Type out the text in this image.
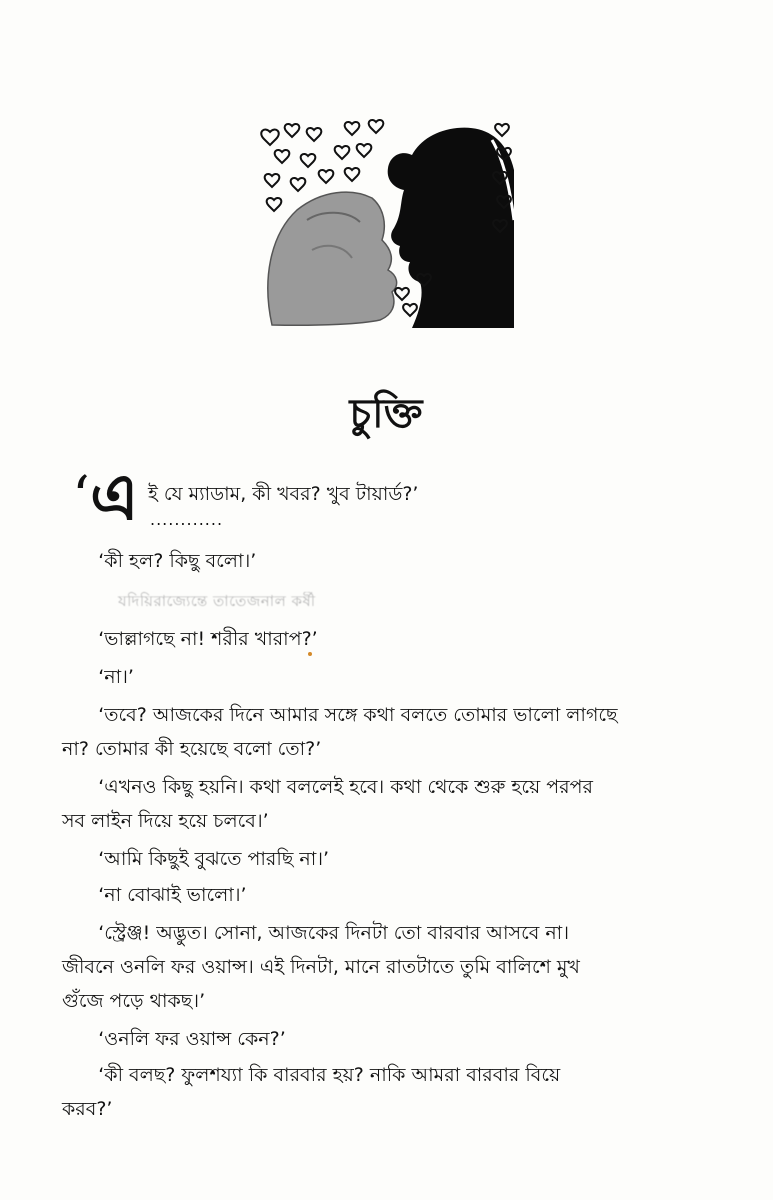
চুক্তি
‘ এ ই যে ম্যাডাম, কী খবর? খুব টায়ার্ড?’
............
‘কী হল? কিছু বলো।’
যদিয়িরাজ্যেন্তে তাতেজনাল কর্ষী
‘ভাল্লাগছে না! শরীর খারাপ?’
‘না।’
‘তবে? আজকের দিনে আমার সঙ্গে কথা বলতে তোমার ভালো লাগছে
না? তোমার কী হয়েছে বলো তো?’
‘এখনও কিছু হয়নি। কথা বললেই হবে। কথা থেকে শুরু হয়ে পরপর
সব লাইন দিয়ে হয়ে চলবে।’
‘আমি কিছুই বুঝতে পারছি না।’
‘না বোঝাই ভালো।’
‘স্ট্রেঞ্জ! অদ্ভুত। সোনা, আজকের দিনটা তো বারবার আসবে না।
জীবনে ওনলি ফর ওয়ান্স। এই দিনটা, মানে রাতটাতে তুমি বালিশে মুখ
গুঁজে পড়ে থাকছ।’
‘ওনলি ফর ওয়ান্স কেন?’
‘কী বলছ? ফুলশয্যা কি বারবার হয়? নাকি আমরা বারবার বিয়ে
করব?’
